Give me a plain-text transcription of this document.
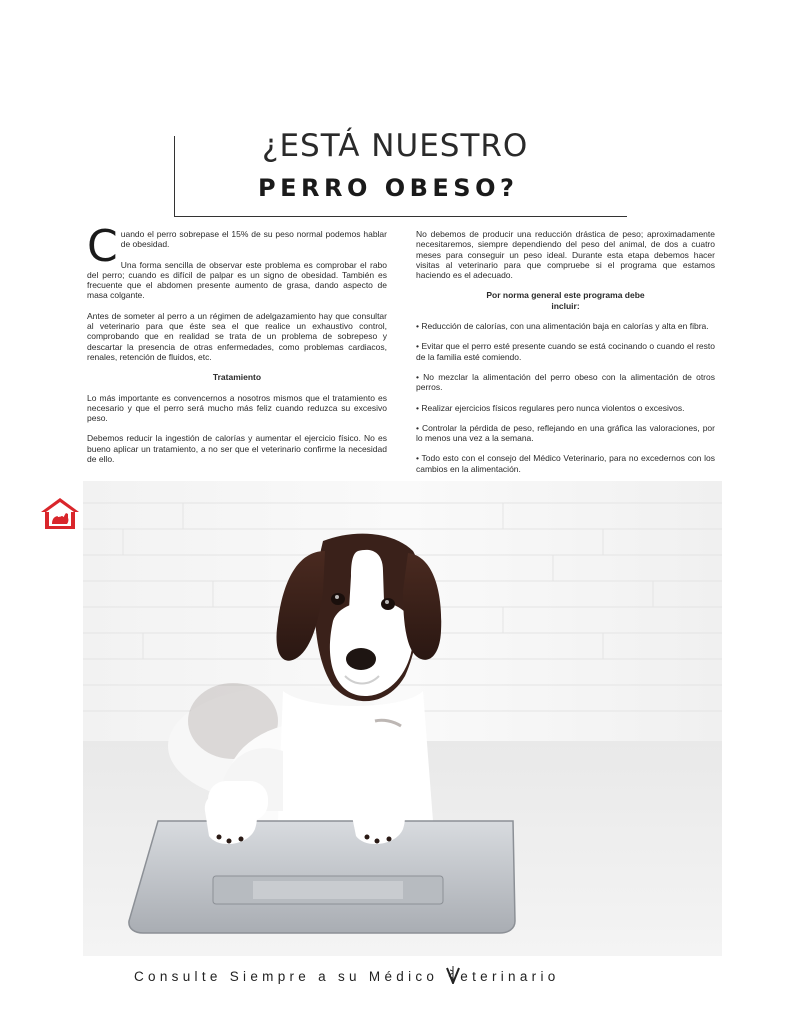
¿ESTÁ NUESTRO
PERRO OBESO?

Cuando el perro sobrepase el 15% de su peso normal podemos hablar de obesidad.

Una forma sencilla de observar este problema es comprobar el rabo del perro; cuando es difícil de palpar es un signo de obesidad. También es frecuente que el abdomen presente aumento de grasa, dando aspecto de masa colgante.

Antes de someter al perro a un régimen de adelgazamiento hay que consultar al veterinario para que éste sea el que realice un exhaustivo control, comprobando que en realidad se trata de un problema de sobrepeso y descartar la presencia de otras enfermedades, como problemas cardiacos, renales, retención de fluidos, etc.

Tratamiento

Lo más importante es convencernos a nosotros mismos que el tratamiento es necesario y que el perro será mucho más feliz cuando reduzca su excesivo peso.

Debemos reducir la ingestión de calorías y aumentar el ejercicio físico. No es bueno aplicar un tratamiento, a no ser que el veterinario confirme la necesidad de ello.

No debemos de producir una reducción drástica de peso; aproximadamente necesitaremos, siempre dependiendo del peso del animal, de dos a cuatro meses para conseguir un peso ideal. Durante esta etapa debemos hacer visitas al veterinario para que compruebe si el programa que estamos haciendo es el adecuado.

Por norma general este programa debe
incluir:

• Reducción de calorías, con una alimentación baja en calorías y alta en fibra.

• Evitar que el perro esté presente cuando se está cocinando o cuando el resto de la familia esté comiendo.

• No mezclar la alimentación del perro obeso con la alimentación de otros perros.

• Realizar ejercicios físicos regulares pero nunca violentos o excesivos.

• Controlar la pérdida de peso, reflejando en una gráfica las valoraciones, por lo menos una vez a la semana.

• Todo esto con el consejo del Médico Veterinario, para no excedernos con los cambios en la alimentación.

24
Consulte Siempre a su Médico eterinario
